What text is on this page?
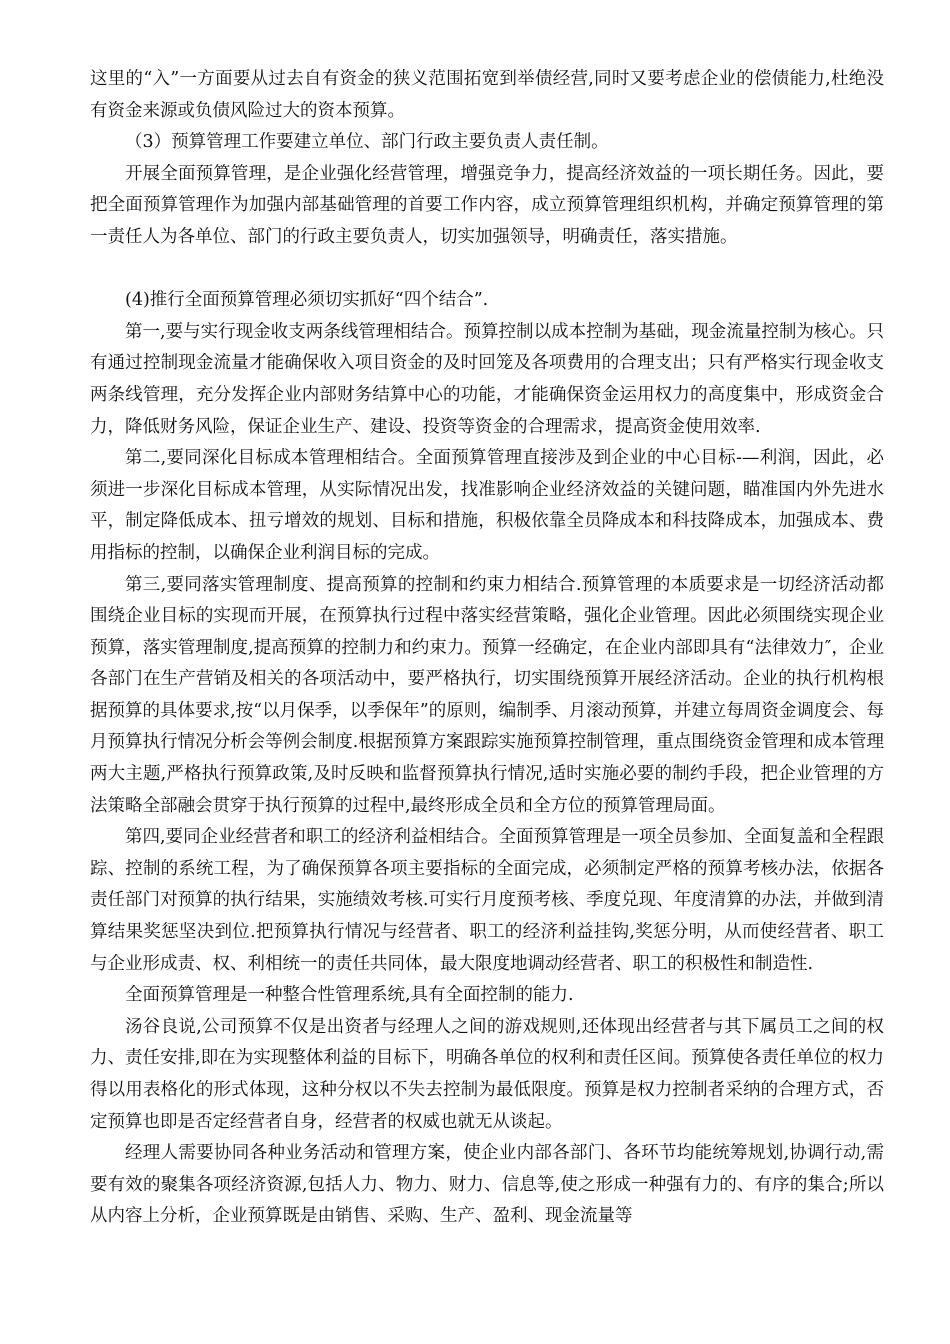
这里的“入”一方面要从过去自有资金的狭义范围拓宽到举债经营,同时又要考虑企业的偿债能力,杜绝没有资金来源或负债风险过大的资本预算。

（3）预算管理工作要建立单位、部门行政主要负责人责任制。

开展全面预算管理，是企业强化经营管理，增强竞争力，提高经济效益的一项长期任务。因此，要把全面预算管理作为加强内部基础管理的首要工作内容，成立预算管理组织机构，并确定预算管理的第一责任人为各单位、部门的行政主要负责人，切实加强领导，明确责任，落实措施。

(4)推行全面预算管理必须切实抓好“四个结合”.

第一,要与实行现金收支两条线管理相结合。预算控制以成本控制为基础，现金流量控制为核心。只有通过控制现金流量才能确保收入项目资金的及时回笼及各项费用的合理支出；只有严格实行现金收支两条线管理，充分发挥企业内部财务结算中心的功能，才能确保资金运用权力的高度集中，形成资金合力，降低财务风险，保证企业生产、建设、投资等资金的合理需求，提高资金使用效率.

第二,要同深化目标成本管理相结合。全面预算管理直接涉及到企业的中心目标-—利润，因此，必须进一步深化目标成本管理，从实际情况出发，找准影响企业经济效益的关键问题，瞄准国内外先进水平，制定降低成本、扭亏增效的规划、目标和措施，积极依靠全员降成本和科技降成本，加强成本、费用指标的控制，以确保企业利润目标的完成。

第三,要同落实管理制度、提高预算的控制和约束力相结合.预算管理的本质要求是一切经济活动都围绕企业目标的实现而开展，在预算执行过程中落实经营策略，强化企业管理。因此必须围绕实现企业预算，落实管理制度,提高预算的控制力和约束力。预算一经确定，在企业内部即具有“法律效力″，企业各部门在生产营销及相关的各项活动中，要严格执行，切实围绕预算开展经济活动。企业的执行机构根据预算的具体要求,按“以月保季，以季保年”的原则，编制季、月滚动预算，并建立每周资金调度会、每月预算执行情况分析会等例会制度.根据预算方案跟踪实施预算控制管理，重点围绕资金管理和成本管理两大主题,严格执行预算政策,及时反映和监督预算执行情况,适时实施必要的制约手段，把企业管理的方法策略全部融会贯穿于执行预算的过程中,最终形成全员和全方位的预算管理局面。

第四,要同企业经营者和职工的经济利益相结合。全面预算管理是一项全员参加、全面复盖和全程跟踪、控制的系统工程，为了确保预算各项主要指标的全面完成，必须制定严格的预算考核办法，依据各责任部门对预算的执行结果，实施绩效考核.可实行月度预考核、季度兑现、年度清算的办法，并做到清算结果奖惩坚决到位.把预算执行情况与经营者、职工的经济利益挂钩,奖惩分明，从而使经营者、职工与企业形成责、权、利相统一的责任共同体，最大限度地调动经营者、职工的积极性和制造性.

全面预算管理是一种整合性管理系统,具有全面控制的能力.

汤谷良说,公司预算不仅是出资者与经理人之间的游戏规则,还体现出经营者与其下属员工之间的权力、责任安排,即在为实现整体利益的目标下，明确各单位的权利和责任区间。预算使各责任单位的权力得以用表格化的形式体现，这种分权以不失去控制为最低限度。预算是权力控制者采纳的合理方式，否定预算也即是否定经营者自身，经营者的权威也就无从谈起。

经理人需要协同各种业务活动和管理方案，使企业内部各部门、各环节均能统筹规划,协调行动,需要有效的聚集各项经济资源,包括人力、物力、财力、信息等,使之形成一种强有力的、有序的集合;所以从内容上分析，企业预算既是由销售、采购、生产、盈利、现金流量等
